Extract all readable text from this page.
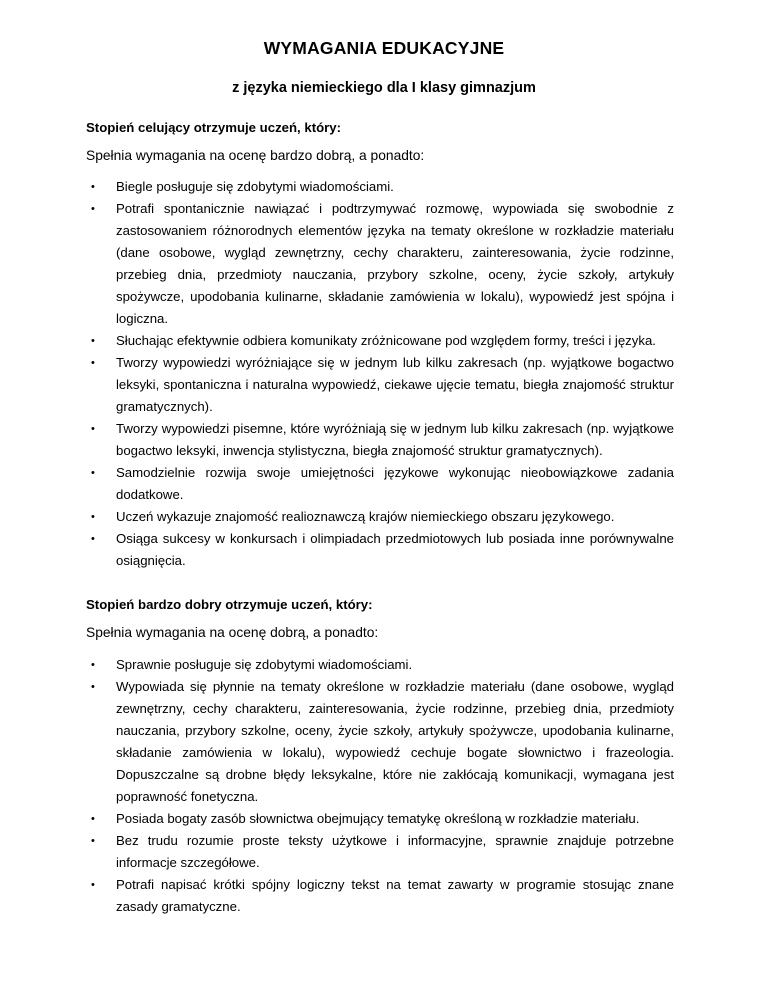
WYMAGANIA EDUKACYJNE
z języka niemieckiego dla I klasy gimnazjum
Stopień celujący otrzymuje uczeń, który:
Spełnia wymagania na ocenę bardzo dobrą, a ponadto:
• Biegle posługuje się zdobytymi wiadomościami.
• Potrafi spontanicznie nawiązać i podtrzymywać rozmowę, wypowiada się swobodnie z zastosowaniem różnorodnych elementów języka na tematy określone w rozkładzie materiału (dane osobowe, wygląd zewnętrzny, cechy charakteru, zainteresowania, życie rodzinne, przebieg dnia, przedmioty nauczania, przybory szkolne, oceny, życie szkoły, artykuły spożywcze, upodobania kulinarne, składanie zamówienia w lokalu), wypowiedź jest spójna i logiczna.
• Słuchając efektywnie odbiera komunikaty zróżnicowane pod względem formy, treści i języka.
• Tworzy wypowiedzi wyróżniające się w jednym lub kilku zakresach (np. wyjątkowe bogactwo leksyki, spontaniczna i naturalna wypowiedź, ciekawe ujęcie tematu, biegła znajomość struktur gramatycznych).
• Tworzy wypowiedzi pisemne, które wyróżniają się w jednym lub kilku zakresach (np. wyjątkowe bogactwo leksyki, inwencja stylistyczna, biegła znajomość struktur gramatycznych).
• Samodzielnie rozwija swoje umiejętności językowe wykonując nieobowiązkowe zadania dodatkowe.
• Uczeń wykazuje znajomość realioznawczą krajów niemieckiego obszaru językowego.
• Osiąga sukcesy w konkursach i olimpiadach przedmiotowych lub posiada inne porównywalne osiągnięcia.
Stopień bardzo dobry otrzymuje uczeń, który:
Spełnia wymagania na ocenę dobrą, a ponadto:
• Sprawnie posługuje się zdobytymi wiadomościami.
• Wypowiada się płynnie na tematy określone w rozkładzie materiału (dane osobowe, wygląd zewnętrzny, cechy charakteru, zainteresowania, życie rodzinne, przebieg dnia, przedmioty nauczania, przybory szkolne, oceny, życie szkoły, artykuły spożywcze, upodobania kulinarne, składanie zamówienia w lokalu), wypowiedź cechuje bogate słownictwo i frazeologia. Dopuszczalne są drobne błędy leksykalne, które nie zakłócają komunikacji, wymagana jest poprawność fonetyczna.
• Posiada bogaty zasób słownictwa obejmujący tematykę określoną w rozkładzie materiału.
• Bez trudu rozumie proste teksty użytkowe i informacyjne, sprawnie znajduje potrzebne informacje szczegółowe.
• Potrafi napisać krótki spójny logiczny tekst na temat zawarty w programie stosując znane zasady gramatyczne.
